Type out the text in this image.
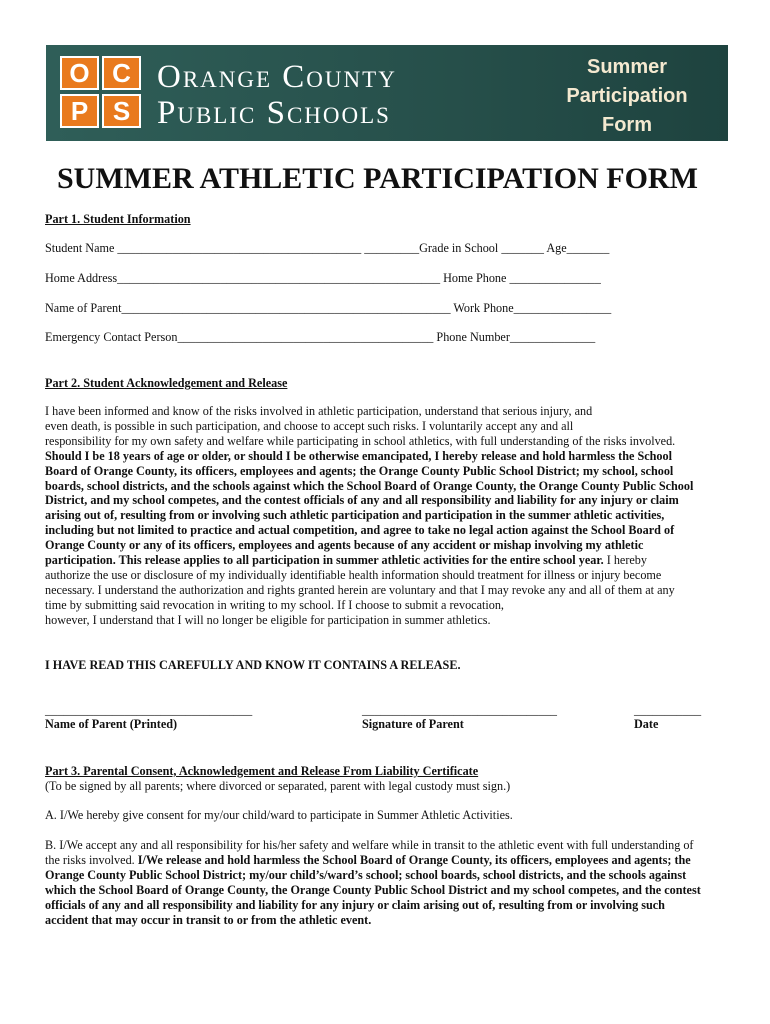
O C
P S
Orange County
Public Schools
Summer
Participation
Form
SUMMER ATHLETIC PARTICIPATION FORM
Part 1. Student Information
Student Name ________________________________________ _________Grade in School _______ Age_______
Home Address_____________________________________________________ Home Phone _______________
Name of Parent______________________________________________________ Work Phone________________
Emergency Contact Person__________________________________________ Phone Number______________
Part 2. Student Acknowledgement and Release
I have been informed and know of the risks involved in athletic participation, understand that serious injury, and
even death, is possible in such participation, and choose to accept such risks. I voluntarily accept any and all
responsibility for my own safety and welfare while participating in school athletics, with full understanding of the risks involved.
Should I be 18 years of age or older, or should I be otherwise emancipated, I hereby release and hold harmless the School
Board of Orange County, its officers, employees and agents; the Orange County Public School District; my school, school
boards, school districts, and the schools against which the School Board of Orange County, the Orange County Public School
District, and my school competes, and the contest officials of any and all responsibility and liability for any injury or claim
arising out of, resulting from or involving such athletic participation and participation in the summer athletic activities,
including but not limited to practice and actual competition, and agree to take no legal action against the School Board of
Orange County or any of its officers, employees and agents because of any accident or mishap involving my athletic
participation. This release applies to all participation in summer athletic activities for the entire school year. I hereby
authorize the use or disclosure of my individually identifiable health information should treatment for illness or injury become
necessary. I understand the authorization and rights granted herein are voluntary and that I may revoke any and all of them at any
time by submitting said revocation in writing to my school. If I choose to submit a revocation,
however, I understand that I will no longer be eligible for participation in summer athletics.
I HAVE READ THIS CAREFULLY AND KNOW IT CONTAINS A RELEASE.
__________________________________	________________________________	___________
Name of Parent (Printed)	Signature of Parent	Date
Part 3. Parental Consent, Acknowledgement and Release From Liability Certificate
(To be signed by all parents; where divorced or separated, parent with legal custody must sign.)
A. I/We hereby give consent for my/our child/ward to participate in Summer Athletic Activities.
B. I/We accept any and all responsibility for his/her safety and welfare while in transit to the athletic event with full understanding of
the risks involved. I/We release and hold harmless the School Board of Orange County, its officers, employees and agents; the
Orange County Public School District; my/our child’s/ward’s school; school boards, school districts, and the schools against
which the School Board of Orange County, the Orange County Public School District and my school competes, and the contest
officials of any and all responsibility and liability for any injury or claim arising out of, resulting from or involving such
accident that may occur in transit to or from the athletic event.
